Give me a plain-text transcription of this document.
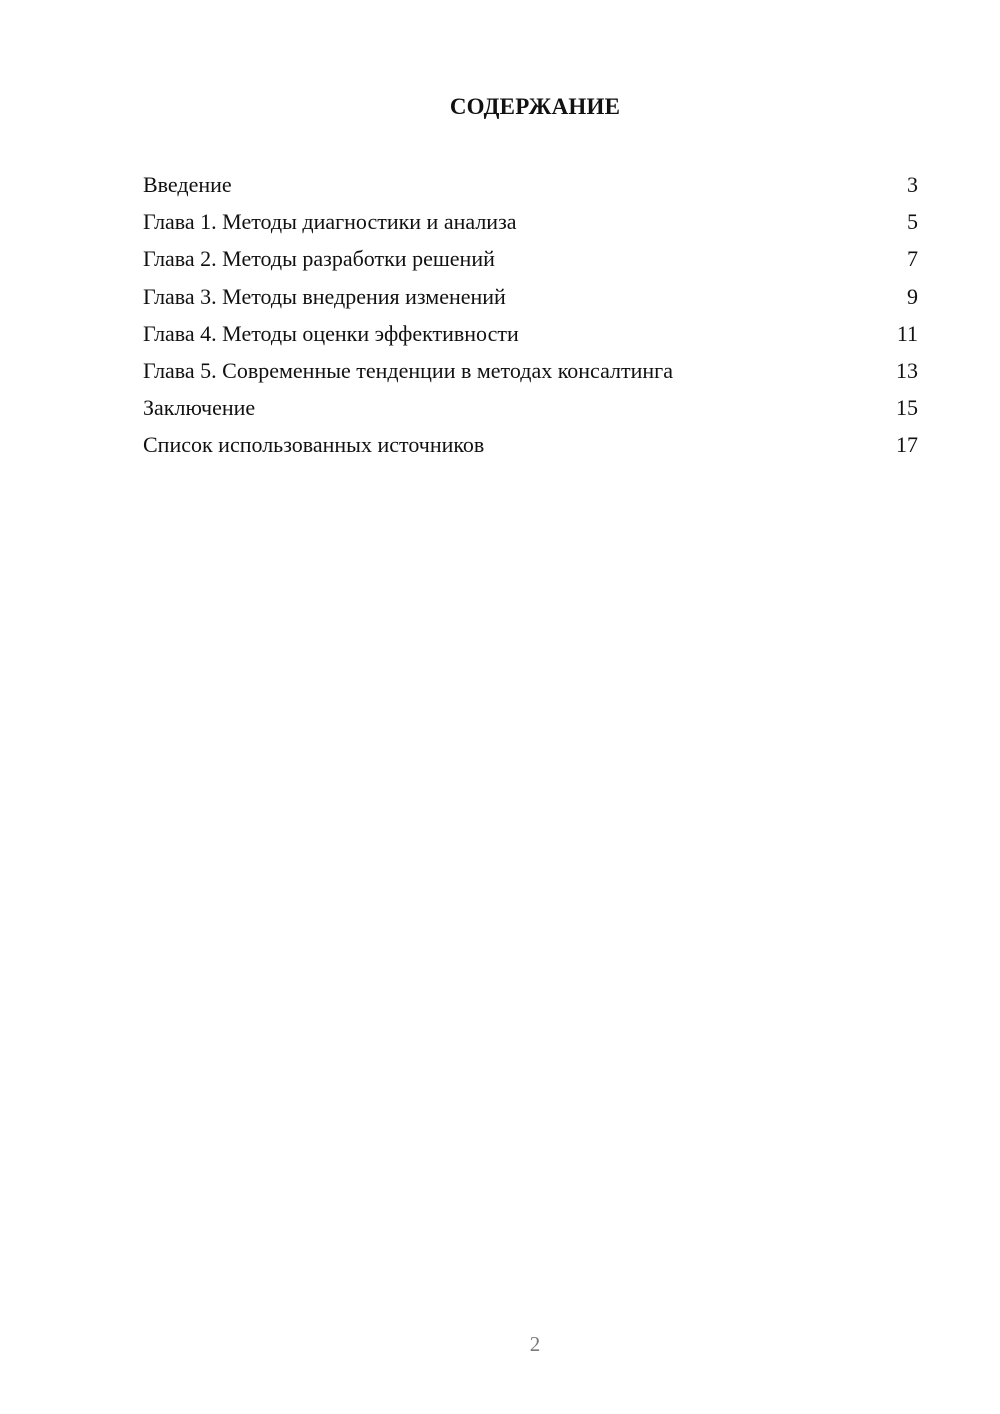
СОДЕРЖАНИЕ
Введение	3
Глава 1. Методы диагностики и анализа	5
Глава 2. Методы разработки решений	7
Глава 3. Методы внедрения изменений	9
Глава 4. Методы оценки эффективности	11
Глава 5. Современные тенденции в методах консалтинга	13
Заключение	15
Список использованных источников	17
2
